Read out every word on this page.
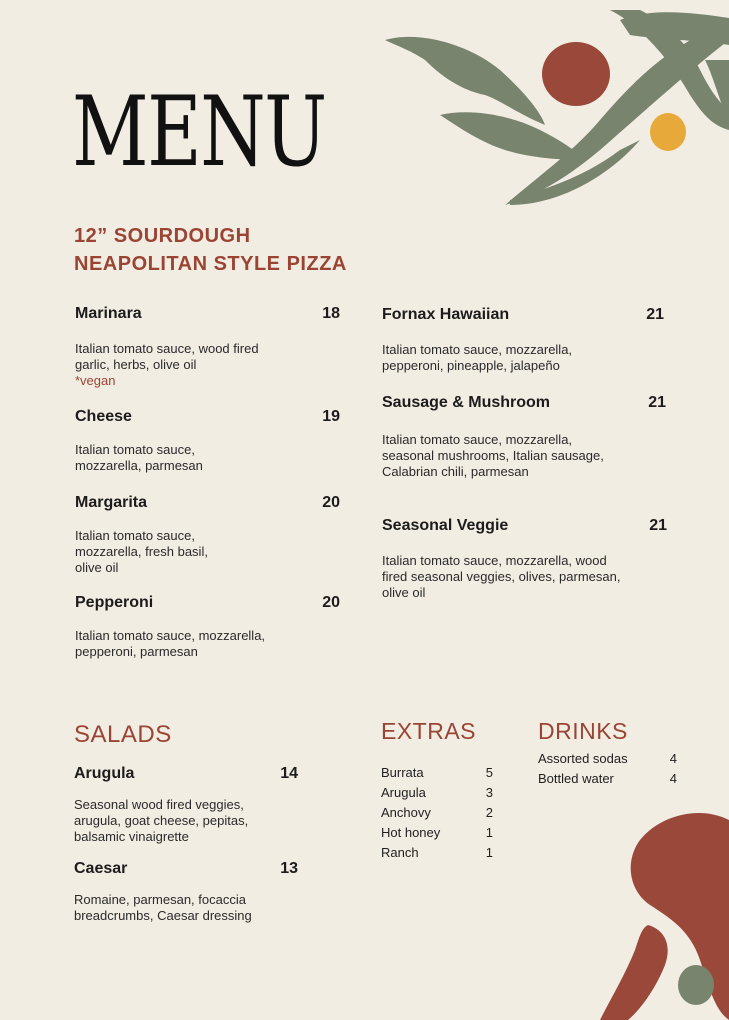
MENU
12” SOURDOUGH
NEAPOLITAN STYLE PIZZA
Marinara	18
Italian tomato sauce, wood fired garlic, herbs, olive oil
*vegan
Cheese	19
Italian tomato sauce, mozzarella, parmesan
Margarita	20
Italian tomato sauce, mozzarella, fresh basil, olive oil
Pepperoni	20
Italian tomato sauce, mozzarella, pepperoni, parmesan
Fornax Hawaiian	21
Italian tomato sauce, mozzarella, pepperoni, pineapple, jalapeño
Sausage & Mushroom	21
Italian tomato sauce, mozzarella, seasonal mushrooms, Italian sausage, Calabrian chili, parmesan
Seasonal Veggie	21
Italian tomato sauce, mozzarella, wood fired seasonal veggies, olives, parmesan, olive oil
SALADS
Arugula	14
Seasonal wood fired veggies, arugula, goat cheese, pepitas, balsamic vinaigrette
Caesar	13
Romaine, parmesan, focaccia breadcrumbs, Caesar dressing
EXTRAS
Burrata	5
Arugula	3
Anchovy	2
Hot honey	1
Ranch	1
DRINKS
Assorted sodas	4
Bottled water	4
